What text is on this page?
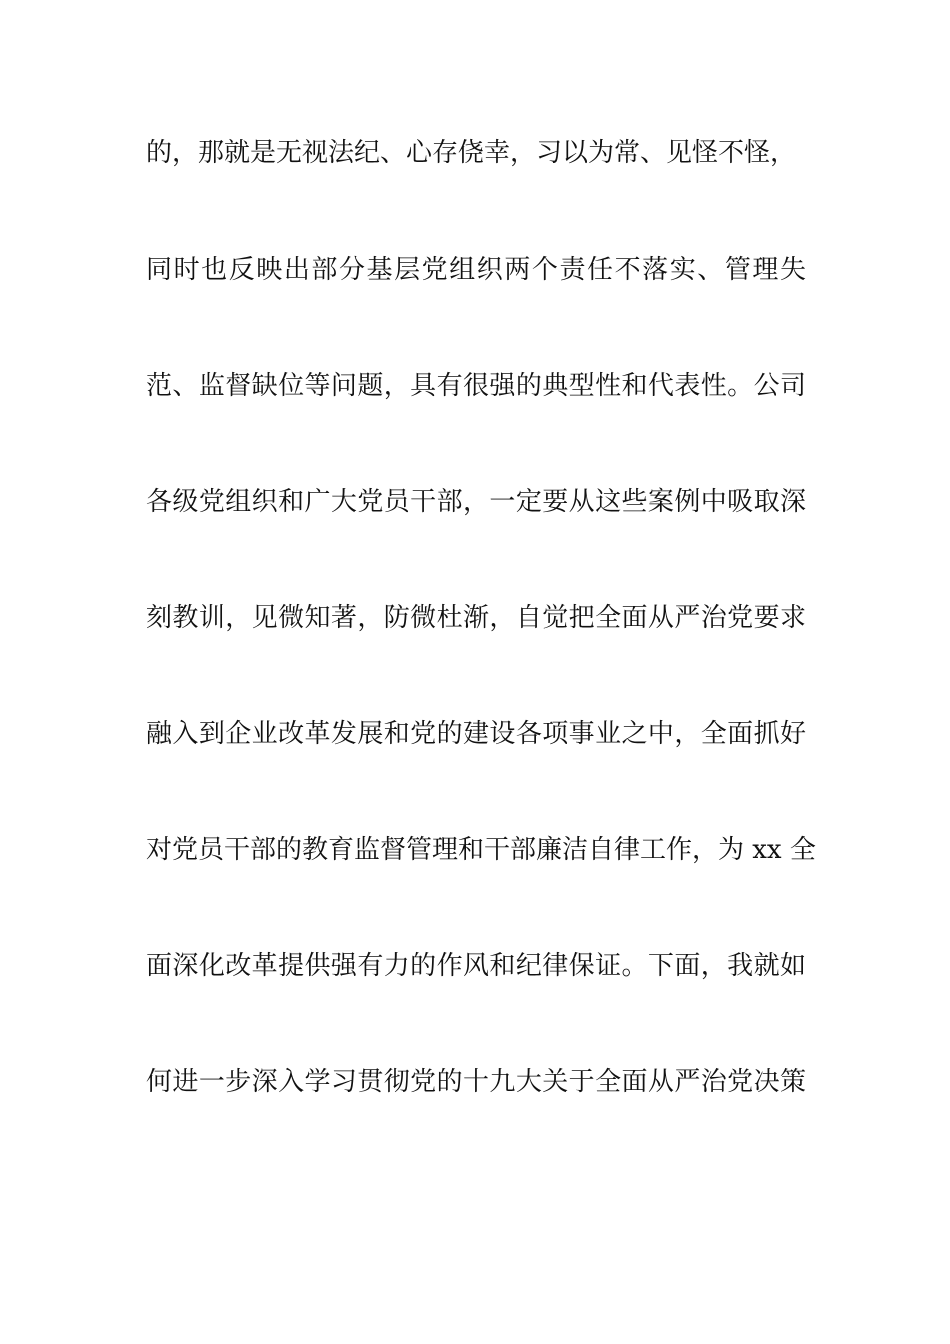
的，那就是无视法纪、心存侥幸，习以为常、见怪不怪，
同时也反映出部分基层党组织两个责任不落实、管理失
范、监督缺位等问题，具有很强的典型性和代表性。公司
各级党组织和广大党员干部，一定要从这些案例中吸取深
刻教训，见微知著，防微杜渐，自觉把全面从严治党要求
融入到企业改革发展和党的建设各项事业之中，全面抓好
对党员干部的教育监督管理和干部廉洁自律工作，为 xx 全
面深化改革提供强有力的作风和纪律保证。下面，我就如
何进一步深入学习贯彻党的十九大关于全面从严治党决策
